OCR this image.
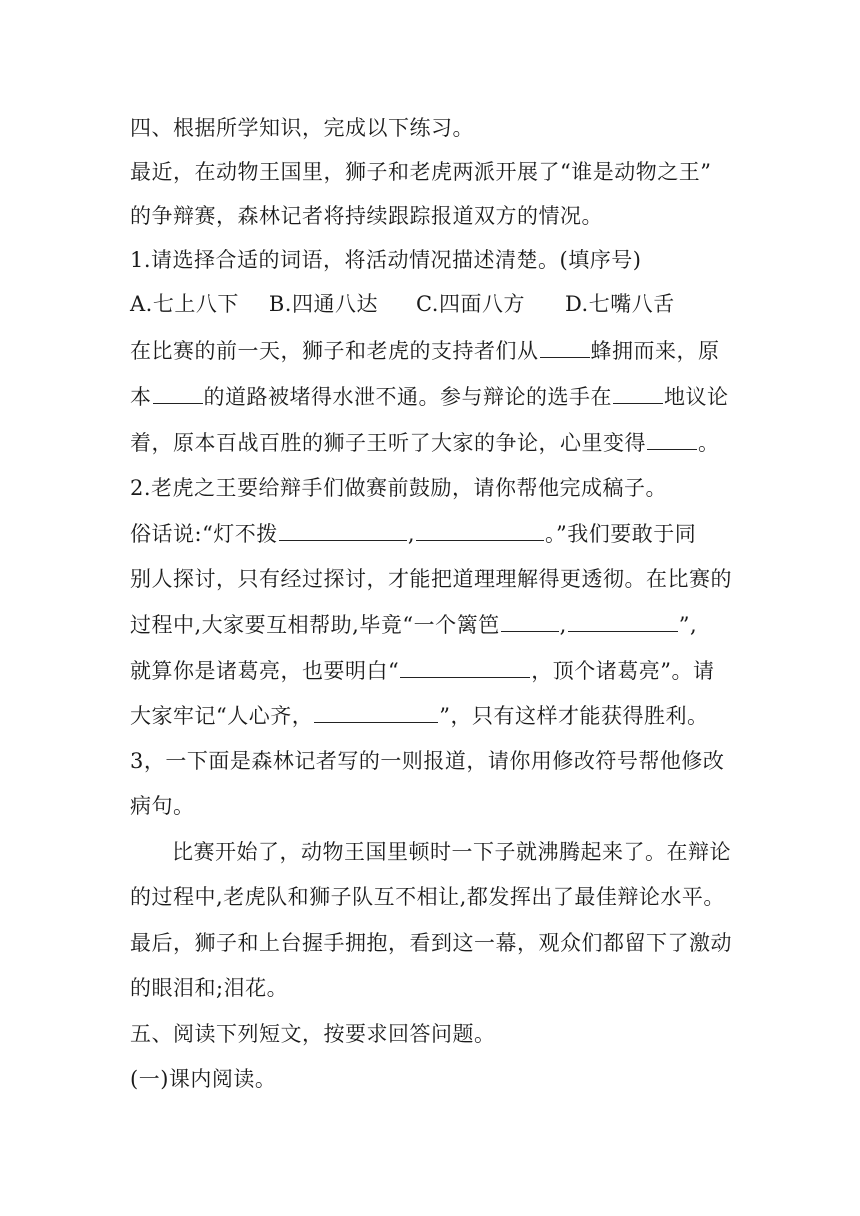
四、根据所学知识，完成以下练习。
最近，在动物王国里，狮子和老虎两派开展了“谁是动物之王”
的争辩赛，森林记者将持续跟踪报道双方的情况。
1.请选择合适的词语，将活动情况描述清楚。(填序号)
A.七上八下 B.四通八达 C.四面八方 D.七嘴八舌
在比赛的前一天，狮子和老虎的支持者们从 蜂拥而来，原
本 的道路被堵得水泄不通。参与辩论的选手在 地议论
着，原本百战百胜的狮子王听了大家的争论，心里变得 。
2.老虎之王要给辩手们做赛前鼓励，请你帮他完成稿子。
俗话说:“灯不拨	,	。”我们要敢于同
别人探讨，只有经过探讨，才能把道理理解得更透彻。在比赛的
过程中,大家要互相帮助,毕竟“一个篱笆	,	”,
就算你是诸葛亮，也要明白“	，顶个诸葛亮”。请
大家牢记“人心齐，	”，只有这样才能获得胜利。
3，一下面是森林记者写的一则报道，请你用修改符号帮他修改
病句。
比赛开始了，动物王国里顿时一下子就沸腾起来了。在辩论
的过程中,老虎队和狮子队互不相让,都发挥出了最佳辩论水平。
最后，狮子和上台握手拥抱，看到这一幕，观众们都留下了激动
的眼泪和;泪花。
五、阅读下列短文，按要求回答问题。
(一)课内阅读。
